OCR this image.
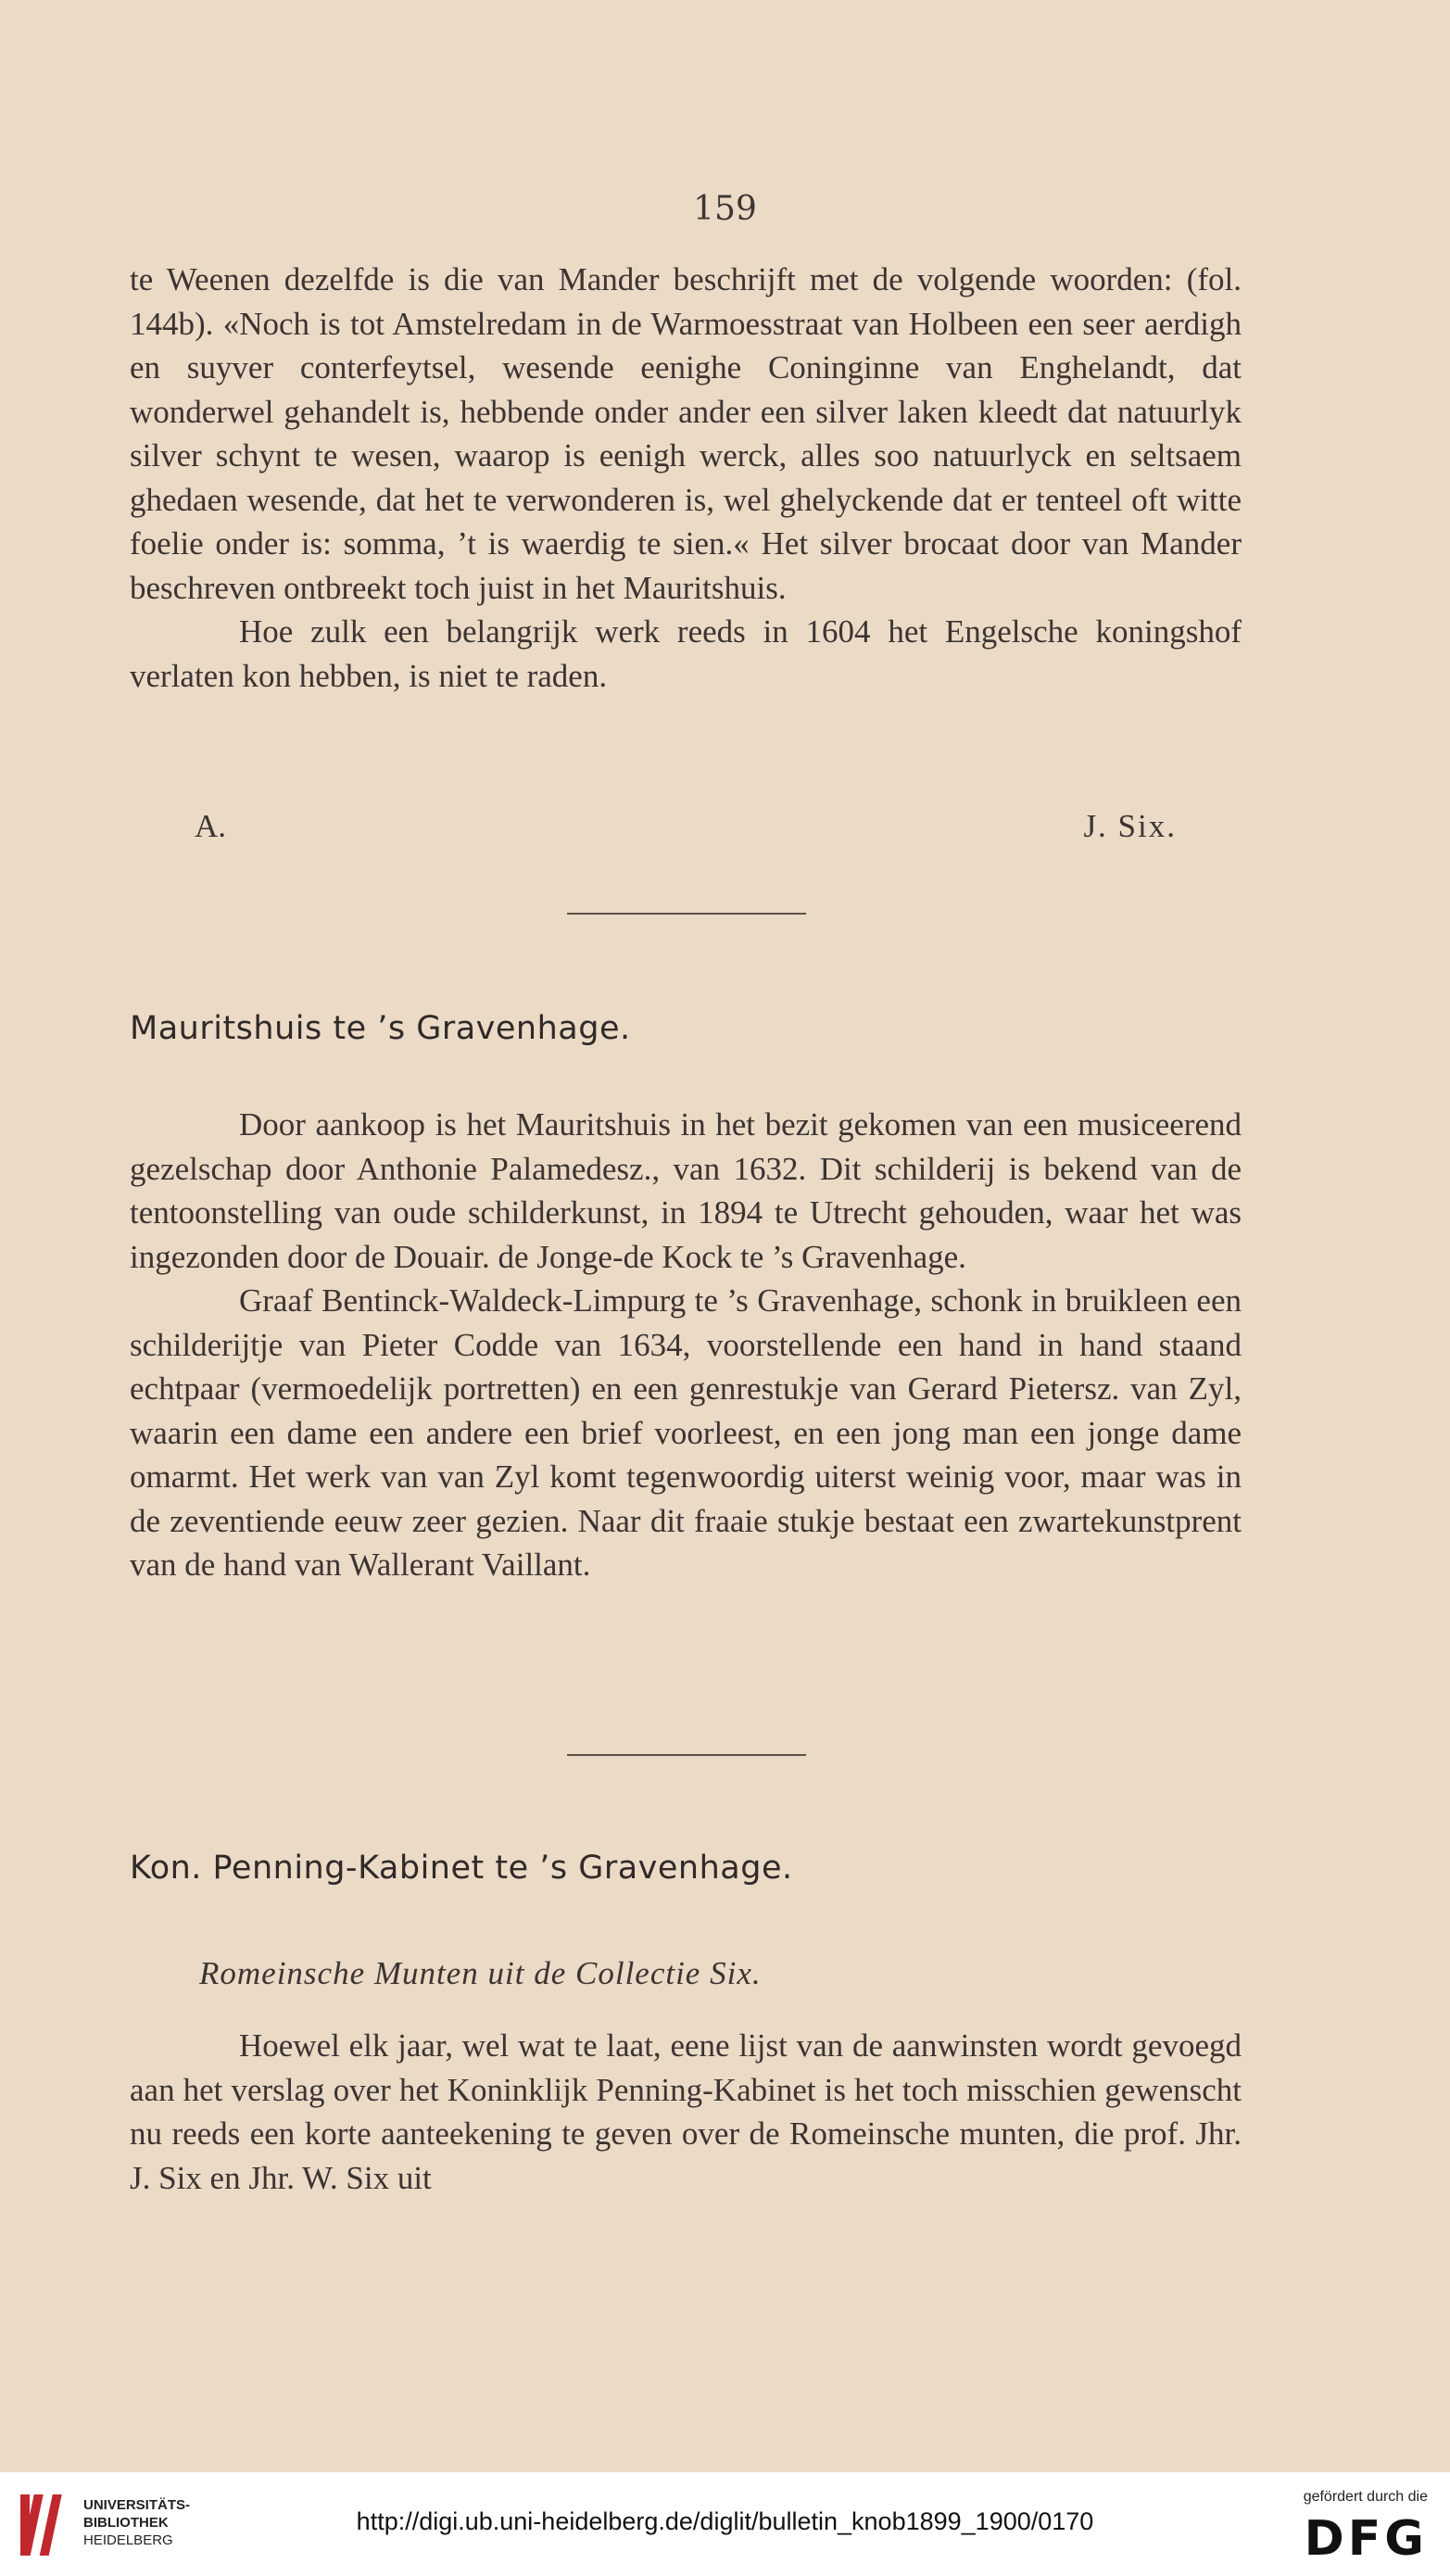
159

te Weenen dezelfde is die van Mander beschrijft met de volgende woorden: (fol. 144b). «Noch is tot Amstelredam in de Warmoesstraat van Holbeen een seer aerdigh en suyver conterfeytsel, wesende eenighe Coninginne van Enghelandt, dat wonderwel gehandelt is, hebbende onder ander een silver laken kleedt dat natuurlyk silver schynt te wesen, waarop is eenigh werck, alles soo natuurlyck en seltsaem ghedaen wesende, dat het te verwonderen is, wel ghelyckende dat er tenteel oft witte foelie onder is: somma, ’t is waerdig te sien.« Het silver brocaat door van Mander beschreven ontbreekt toch juist in het Mauritshuis.

Hoe zulk een belangrijk werk reeds in 1604 het Engelsche koningshof verlaten kon hebben, is niet te raden.

A.	J. Six.
Mauritshuis te ’s Gravenhage.

Door aankoop is het Mauritshuis in het bezit gekomen van een musiceerend gezelschap door Anthonie Palamedesz., van 1632. Dit schilderij is bekend van de tentoonstelling van oude schilderkunst, in 1894 te Utrecht gehouden, waar het was ingezonden door de Douair. de Jonge-de Kock te ’s Gravenhage.

Graaf Bentinck-Waldeck-Limpurg te ’s Gravenhage, schonk in bruikleen een schilderijtje van Pieter Codde van 1634, voorstellende een hand in hand staand echtpaar (vermoedelijk portretten) en een genrestukje van Gerard Pietersz. van Zyl, waarin een dame een andere een brief voorleest, en een jong man een jonge dame omarmt. Het werk van van Zyl komt tegenwoordig uiterst weinig voor, maar was in de zeventiende eeuw zeer gezien. Naar dit fraaie stukje bestaat een zwartekunstprent van de hand van Wallerant Vaillant.

Kon. Penning-Kabinet te ’s Gravenhage.
Romeinsche Munten uit de Collectie Six.

Hoewel elk jaar, wel wat te laat, eene lijst van de aanwinsten wordt gevoegd aan het verslag over het Koninklijk Penning-Kabinet is het toch misschien gewenscht nu reeds een korte aanteekening te geven over de Romeinsche munten, die prof. Jhr. J. Six en Jhr. W. Six uit

UNIVERSITÄTS-
BIBLIOTHEK
HEIDELBERG
http://digi.ub.uni-heidelberg.de/diglit/bulletin_knob1899_1900/0170
gefördert durch die
DFG
